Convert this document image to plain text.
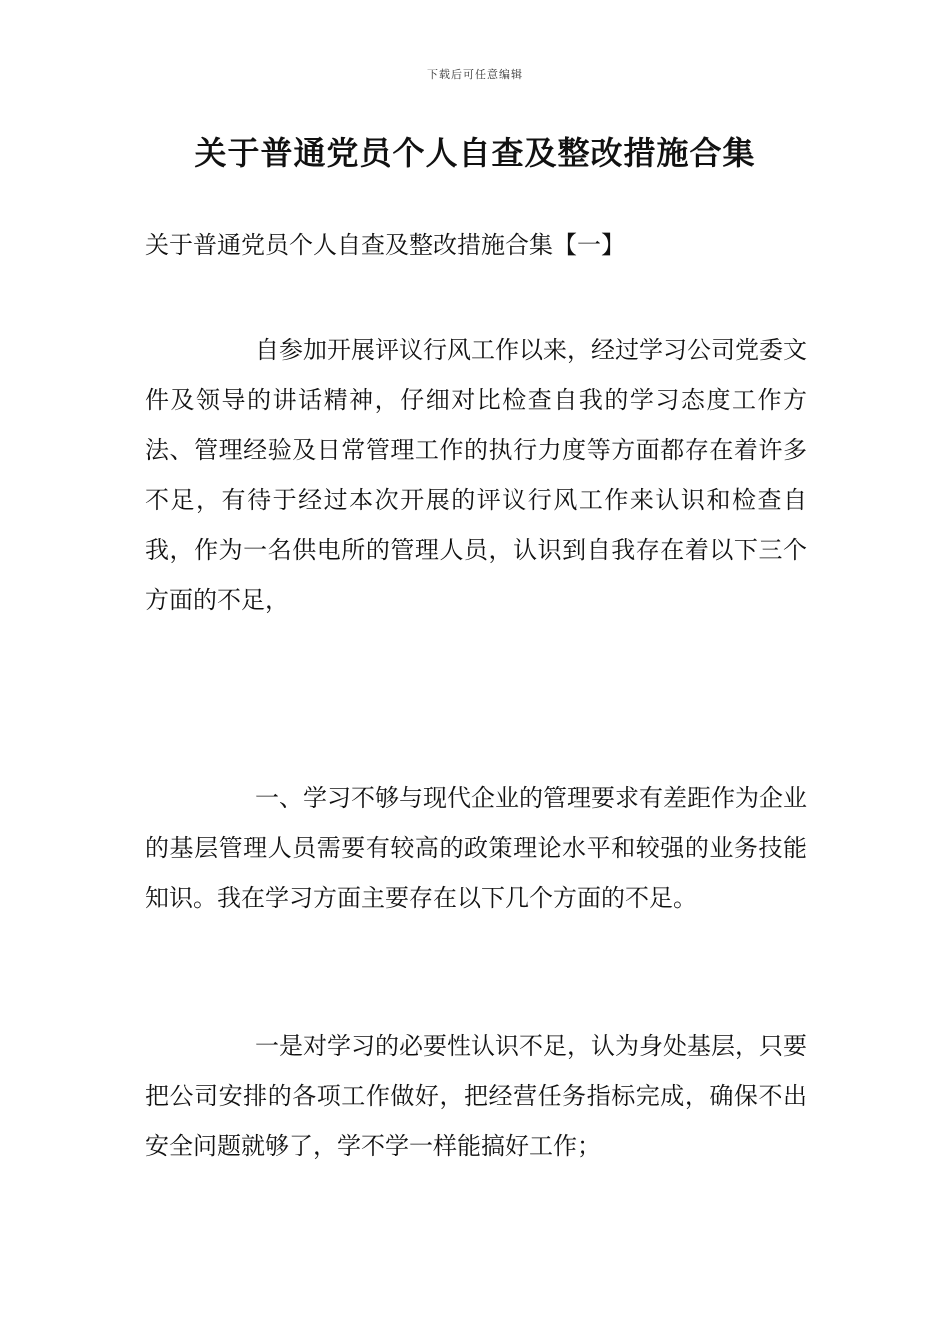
下载后可任意编辑
关于普通党员个人自查及整改措施合集
关于普通党员个人自查及整改措施合集【一】

自参加开展评议行风工作以来，经过学习公司党委文件及领导的讲话精神，仔细对比检查自我的学习态度工作方法、管理经验及日常管理工作的执行力度等方面都存在着许多不足，有待于经过本次开展的评议行风工作来认识和检查自我，作为一名供电所的管理人员，认识到自我存在着以下三个方面的不足，

一、学习不够与现代企业的管理要求有差距作为企业的基层管理人员需要有较高的政策理论水平和较强的业务技能知识。我在学习方面主要存在以下几个方面的不足。

一是对学习的必要性认识不足，认为身处基层，只要把公司安排的各项工作做好，把经营任务指标完成，确保不出安全问题就够了，学不学一样能搞好工作；
